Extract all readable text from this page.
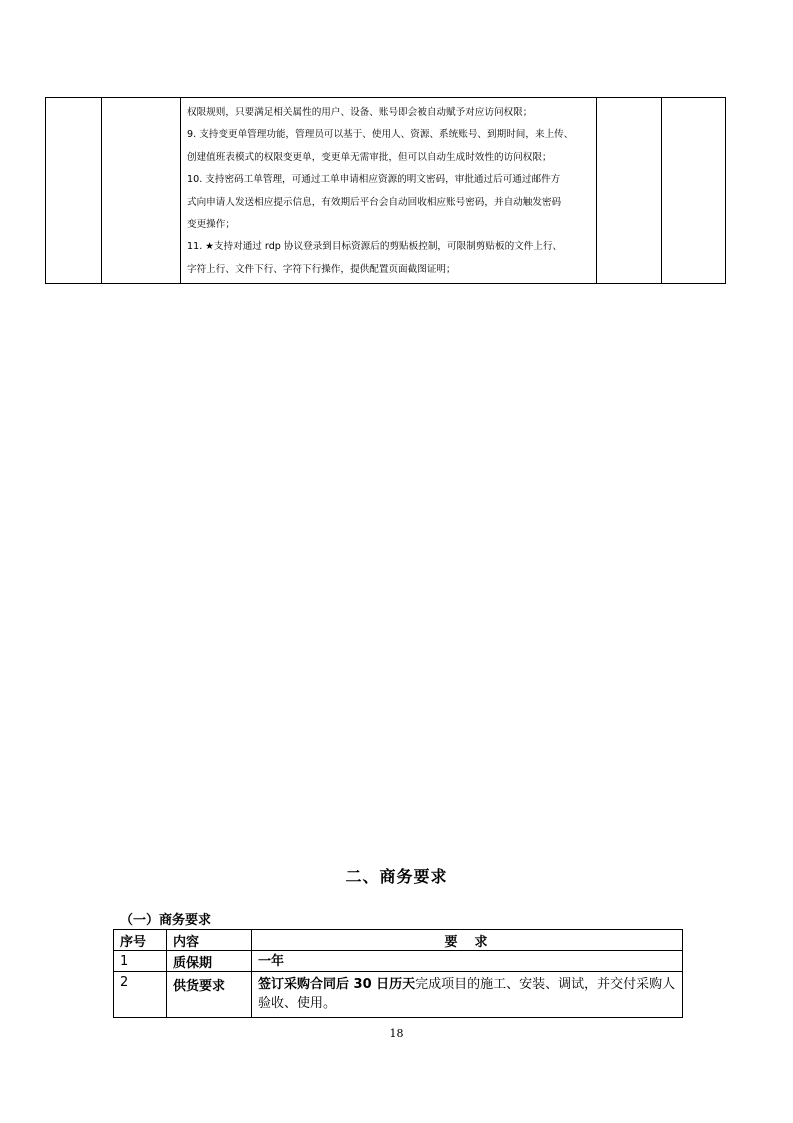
权限规则，只要满足相关属性的用户、设备、账号即会被自动赋予对应访问权限；
9. 支持变更单管理功能，管理员可以基于、使用人、资源、系统账号、到期时间，来上传、
创建值班表模式的权限变更单，变更单无需审批，但可以自动生成时效性的访问权限；
10. 支持密码工单管理，可通过工单申请相应资源的明文密码，审批通过后可通过邮件方
式向申请人发送相应提示信息，有效期后平台会自动回收相应账号密码，并自动触发密码
变更操作；
11. ★支持对通过 rdp 协议登录到目标资源后的剪贴板控制，可限制剪贴板的文件上行、
字符上行、文件下行、字符下行操作，提供配置页面截图证明；

二、商务要求
（一）商务要求
序号	内容	要　求
1	质保期	一年
2	供货要求	签订采购合同后 30 日历天完成项目的施工、安装、调试，并交付采购人验收、使用。
18
